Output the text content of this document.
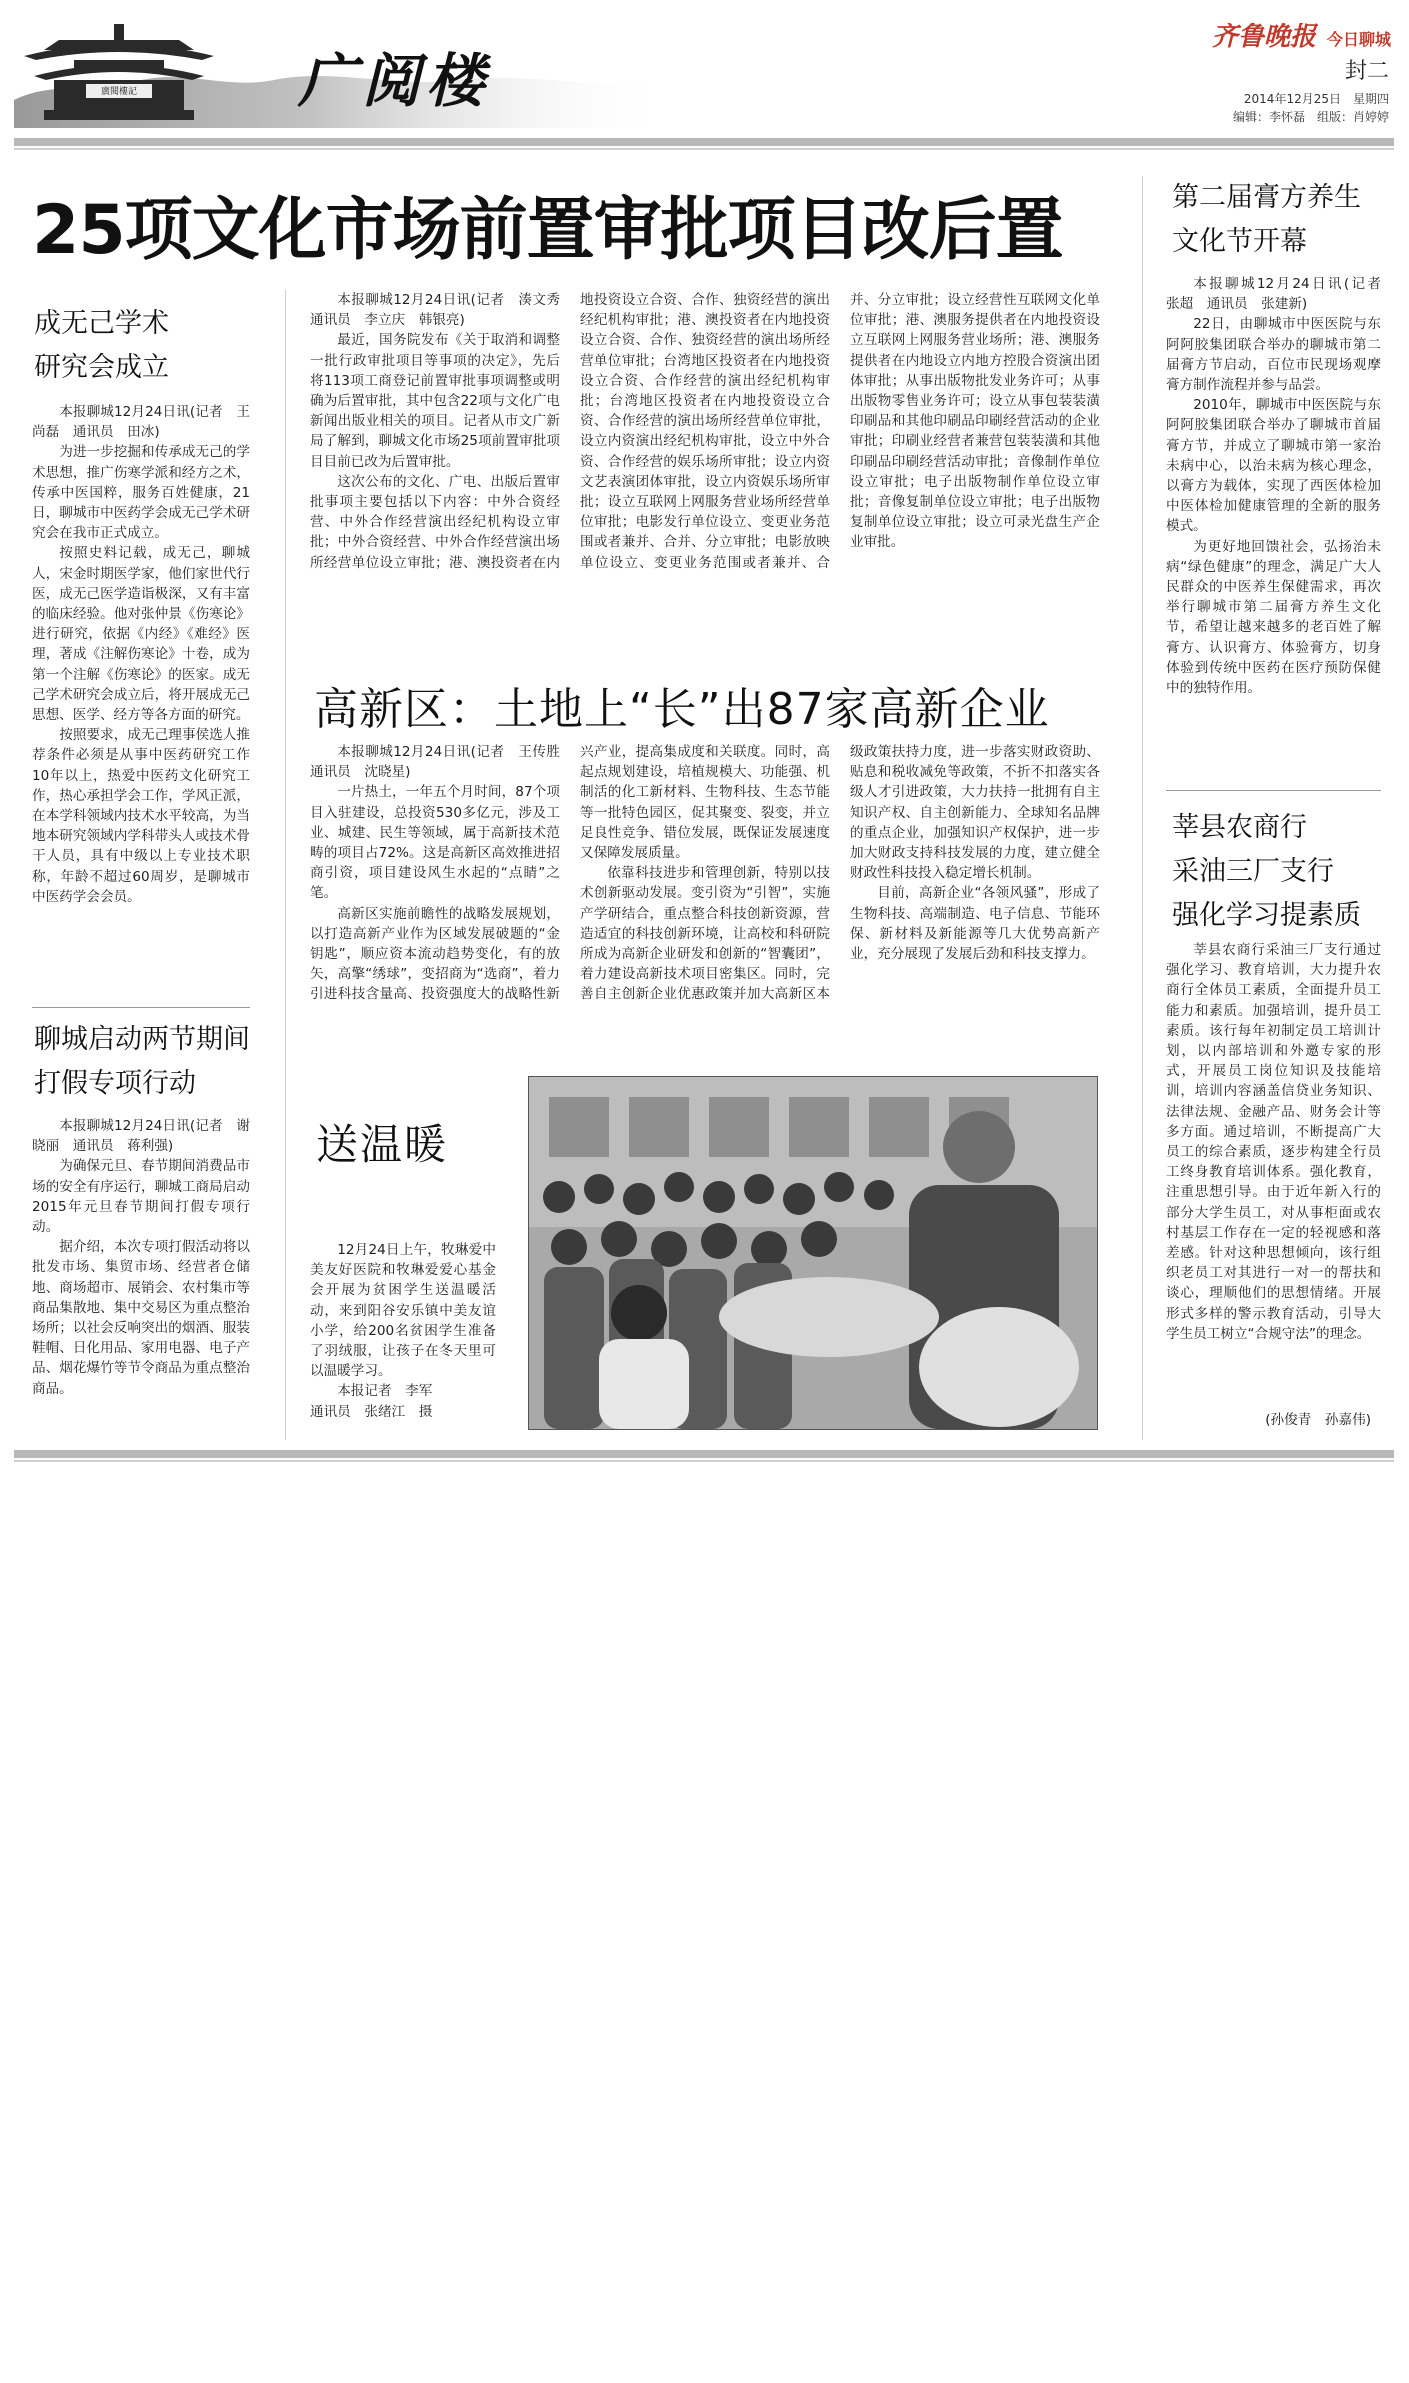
廣閱樓記	广阅楼
齐鲁晚报 今日聊城
封二
2014年12月25日　星期四
编辑：李怀磊　组版：肖婷婷
25项文化市场前置审批项目改后置

本报聊城12月24日讯(记者　湊文秀　通讯员　李立庆　韩银亮)

最近，国务院发布《关于取消和调整一批行政审批项目等事项的决定》，先后将113项工商登记前置审批事项调整或明确为后置审批，其中包含22项与文化广电新闻出版业相关的项目。记者从市文广新局了解到，聊城文化市场25项前置审批项目目前已改为后置审批。

这次公布的文化、广电、出版后置审批事项主要包括以下内容：中外合资经营、中外合作经营演出经纪机构设立审批；中外合资经营、中外合作经营演出场所经营单位设立审批；港、澳投资者在内地投资设立合资、合作、独资经营的演出经纪机构审批；港、澳投资者在内地投资设立合资、合作、独资经营的演出场所经营单位审批；台湾地区投资者在内地投资设立合资、合作经营的演出经纪机构审批；台湾地区投资者在内地投资设立合资、合作经营的演出场所经营单位审批，设立内资演出经纪机构审批，设立中外合资、合作经营的娱乐场所审批；设立内资文艺表演团体审批，设立内资娱乐场所审批；设立互联网上网服务营业场所经营单位审批；电影发行单位设立、变更业务范围或者兼并、合并、分立审批；电影放映单位设立、变更业务范围或者兼并、合并、分立审批；设立经营性互联网文化单位审批；港、澳服务提供者在内地投资设立互联网上网服务营业场所；港、澳服务提供者在内地设立内地方控股合资演出团体审批；从事出版物批发业务许可；从事出版物零售业务许可；设立从事包装装潢印刷品和其他印刷品印刷经营活动的企业审批；印刷业经营者兼营包装装潢和其他印刷品印刷经营活动审批；音像制作单位设立审批；电子出版物制作单位设立审批；音像复制单位设立审批；电子出版物复制单位设立审批；设立可录光盘生产企业审批。

成无己学术
研究会成立

本报聊城12月24日讯(记者　王尚磊　通讯员　田冰)

为进一步挖掘和传承成无己的学术思想，推广伤寒学派和经方之术，传承中医国粹，服务百姓健康，21日，聊城市中医药学会成无己学术研究会在我市正式成立。

按照史料记载，成无己，聊城人，宋金时期医学家，他们家世代行医，成无己医学造诣极深，又有丰富的临床经验。他对张仲景《伤寒论》进行研究，依据《内经》《难经》医理，著成《注解伤寒论》十卷，成为第一个注解《伤寒论》的医家。成无己学术研究会成立后，将开展成无己思想、医学、经方等各方面的研究。

按照要求，成无己理事侯选人推荐条件必须是从事中医药研究工作10年以上，热爱中医药文化研究工作，热心承担学会工作，学风正派，在本学科领域内技术水平较高，为当地本研究领域内学科带头人或技术骨干人员，具有中级以上专业技术职称，年龄不超过60周岁，是聊城市中医药学会会员。

聊城启动两节期间
打假专项行动

本报聊城12月24日讯(记者　谢晓丽　通讯员　蒋利强)

为确保元旦、春节期间消费品市场的安全有序运行，聊城工商局启动2015年元旦春节期间打假专项行动。

据介绍，本次专项打假活动将以批发市场、集贸市场、经营者仓储地、商场超市、展销会、农村集市等商品集散地、集中交易区为重点整治场所；以社会反响突出的烟酒、服装鞋帽、日化用品、家用电器、电子产品、烟花爆竹等节令商品为重点整治商品。

高新区：土地上“长”出87家高新企业

本报聊城12月24日讯(记者　王传胜　通讯员　沈晓星)

一片热土，一年五个月时间，87个项目入驻建设，总投资530多亿元，涉及工业、城建、民生等领域，属于高新技术范畴的项目占72%。这是高新区高效推进招商引资，项目建设风生水起的“点睛”之笔。

高新区实施前瞻性的战略发展规划，以打造高新产业作为区域发展破题的“金钥匙”，顺应资本流动趋势变化，有的放矢，高擎“绣球”，变招商为“选商”，着力引进科技含量高、投资强度大的战略性新兴产业，提高集成度和关联度。同时，高起点规划建设，培植规模大、功能强、机制活的化工新材料、生物科技、生态节能等一批特色园区，促其聚变、裂变，并立足良性竞争、错位发展，既保证发展速度又保障发展质量。

依靠科技进步和管理创新，特别以技术创新驱动发展。变引资为“引智”，实施产学研结合，重点整合科技创新资源，营造适宜的科技创新环境，让高校和科研院所成为高新企业研发和创新的“智囊团”，着力建设高新技术项目密集区。同时，完善自主创新企业优惠政策并加大高新区本级政策扶持力度，进一步落实财政资助、贴息和税收减免等政策，不折不扣落实各级人才引进政策，大力扶持一批拥有自主知识产权、自主创新能力、全球知名品牌的重点企业，加强知识产权保护，进一步加大财政支持科技发展的力度，建立健全财政性科技投入稳定增长机制。

目前，高新企业“各领风骚”，形成了生物科技、高端制造、电子信息、节能环保、新材料及新能源等几大优势高新产业，充分展现了发展后劲和科技支撑力。

送温暖

12月24日上午，牧琳爱中美友好医院和牧琳爱爱心基金会开展为贫困学生送温暖活动，来到阳谷安乐镇中美友谊小学，给200名贫困学生准备了羽绒服，让孩子在冬天里可以温暖学习。

本报记者　李军

通讯员　张绪江　摄
第二届膏方养生
文化节开幕

本报聊城12月24日讯(记者　张超　通讯员　张建新)

22日，由聊城市中医医院与东阿阿胶集团联合举办的聊城市第二届膏方节启动，百位市民现场观摩膏方制作流程并参与品尝。

2010年，聊城市中医医院与东阿阿胶集团联合举办了聊城市首届膏方节，并成立了聊城市第一家治未病中心，以治未病为核心理念，以膏方为载体，实现了西医体检加中医体检加健康管理的全新的服务模式。

为更好地回馈社会，弘扬治未病“绿色健康”的理念，满足广大人民群众的中医养生保健需求，再次举行聊城市第二届膏方养生文化节，希望让越来越多的老百姓了解膏方、认识膏方、体验膏方，切身体验到传统中医药在医疗预防保健中的独特作用。

莘县农商行
采油三厂支行
强化学习提素质

莘县农商行采油三厂支行通过强化学习、教育培训，大力提升农商行全体员工素质，全面提升员工能力和素质。加强培训，提升员工素质。该行每年初制定员工培训计划，以内部培训和外邀专家的形式，开展员工岗位知识及技能培训，培训内容涵盖信贷业务知识、法律法规、金融产品、财务会计等多方面。通过培训，不断提高广大员工的综合素质，逐步构建全行员工终身教育培训体系。强化教育，注重思想引导。由于近年新入行的部分大学生员工，对从事柜面或农村基层工作存在一定的轻视感和落差感。针对这种思想倾向，该行组织老员工对其进行一对一的帮扶和谈心，理顺他们的思想情绪。开展形式多样的警示教育活动，引导大学生员工树立“合规守法”的理念。

(孙俊青　孙嘉伟)
